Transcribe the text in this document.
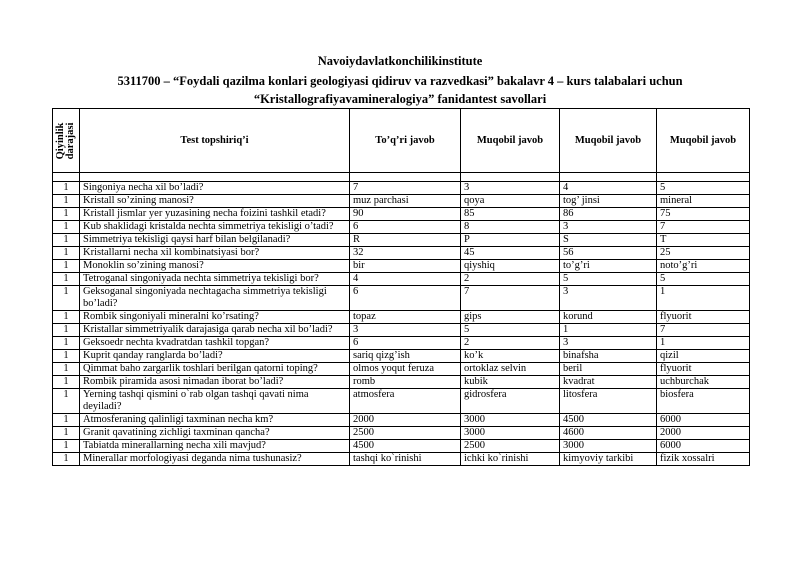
Navoiydavlatkonchilikinstitute
5311700 – “Foydali qazilma konlari geologiyasi qidiruv va razvedkasi” bakalavr 4 – kurs talabalari uchun
“Kristallografiyavamineralogiya” fanidantest savollari
Qiyinlik
darajasi	Test topshiriq’i	To’q’ri javob	Muqobil javob	Muqobil javob	Muqobil javob

1	Singoniya necha xil bo’ladi?	7	3	4	5
1	Kristall so’zining manosi?	muz parchasi	qoya	tog’ jinsi	mineral
1	Kristall jismlar yer yuzasining necha foizini tashkil etadi?	90	85	86	75
1	Kub shaklidagi kristalda nechta simmetriya tekisligi o’tadi?	6	8	3	7
1	Simmetriya tekisligi qaysi harf bilan belgilanadi?	R	P	S	T
1	Kristallarni necha xil kombinatsiyasi bor?	32	45	56	25
1	Monoklin so’zining manosi?	bir	qiyshiq	to’g’ri	noto’g’ri
1	Tetroganal singoniyada nechta simmetriya tekisligi bor?	4	2	5	5
1	Geksoganal singoniyada nechtagacha simmetriya tekisligi bo’ladi?	6	7	3	1
1	Rombik singoniyali mineralni ko’rsating?	topaz	gips	korund	flyuorit
1	Kristallar simmetriyalik darajasiga qarab necha xil bo’ladi?	3	5	1	7
1	Geksoedr nechta kvadratdan tashkil topgan?	6	2	3	1
1	Kuprit qanday ranglarda bo’ladi?	sariq qizg’ish	ko’k	binafsha	qizil
1	Qimmat baho zargarlik toshlari berilgan qatorni toping?	olmos yoqut feruza	ortoklaz selvin	beril	flyuorit
1	Rombik piramida asosi nimadan iborat bo’ladi?	romb	kubik	kvadrat	uchburchak
1	Yerning tashqi qismini o`rab olgan tashqi qavati nima deyiladi?	atmosfera	gidrosfera	litosfera	biosfera
1	Atmosferaning qalinligi taxminan necha km?	2000	3000	4500	6000
1	Granit qavatining zichligi taxminan qancha?	2500	3000	4600	2000
1	Tabiatda minerallarning necha xili mavjud?	4500	2500	3000	6000
1	Minerallar morfologiyasi deganda nima tushunasiz?	tashqi ko`rinishi	ichki ko`rinishi	kimyoviy tarkibi	fizik xossalri
